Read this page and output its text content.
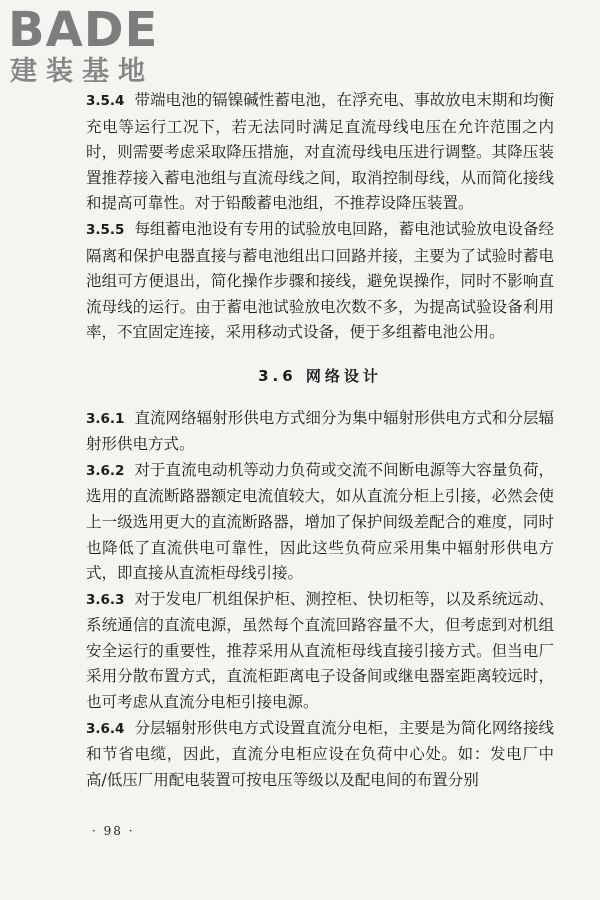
BADE
建装基地

3.5.4 带端电池的镉镍碱性蓄电池，在浮充电、事故放电末期和均衡充电等运行工况下，若无法同时满足直流母线电压在允许范围之内时，则需要考虑采取降压措施，对直流母线电压进行调整。其降压装置推荐接入蓄电池组与直流母线之间，取消控制母线，从而简化接线和提高可靠性。对于铅酸蓄电池组，不推荐设降压装置。

3.5.5 每组蓄电池设有专用的试验放电回路，蓄电池试验放电设备经隔离和保护电器直接与蓄电池组出口回路并接，主要为了试验时蓄电池组可方便退出，简化操作步骤和接线，避免误操作，同时不影响直流母线的运行。由于蓄电池试验放电次数不多，为提高试验设备利用率，不宜固定连接，采用移动式设备，便于多组蓄电池公用。

3.6 网络设计

3.6.1 直流网络辐射形供电方式细分为集中辐射形供电方式和分层辐射形供电方式。

3.6.2 对于直流电动机等动力负荷或交流不间断电源等大容量负荷，选用的直流断路器额定电流值较大，如从直流分柜上引接，必然会使上一级选用更大的直流断路器，增加了保护间级差配合的难度，同时也降低了直流供电可靠性，因此这些负荷应采用集中辐射形供电方式，即直接从直流柜母线引接。

3.6.3 对于发电厂机组保护柜、测控柜、快切柜等，以及系统远动、系统通信的直流电源，虽然每个直流回路容量不大，但考虑到对机组安全运行的重要性，推荐采用从直流柜母线直接引接方式。但当电厂采用分散布置方式，直流柜距离电子设备间或继电器室距离较远时，也可考虑从直流分电柜引接电源。

3.6.4 分层辐射形供电方式设置直流分电柜，主要是为简化网络接线和节省电缆，因此，直流分电柜应设在负荷中心处。如：发电厂中高/低压厂用配电装置可按电压等级以及配电间的布置分别

· 98 ·
